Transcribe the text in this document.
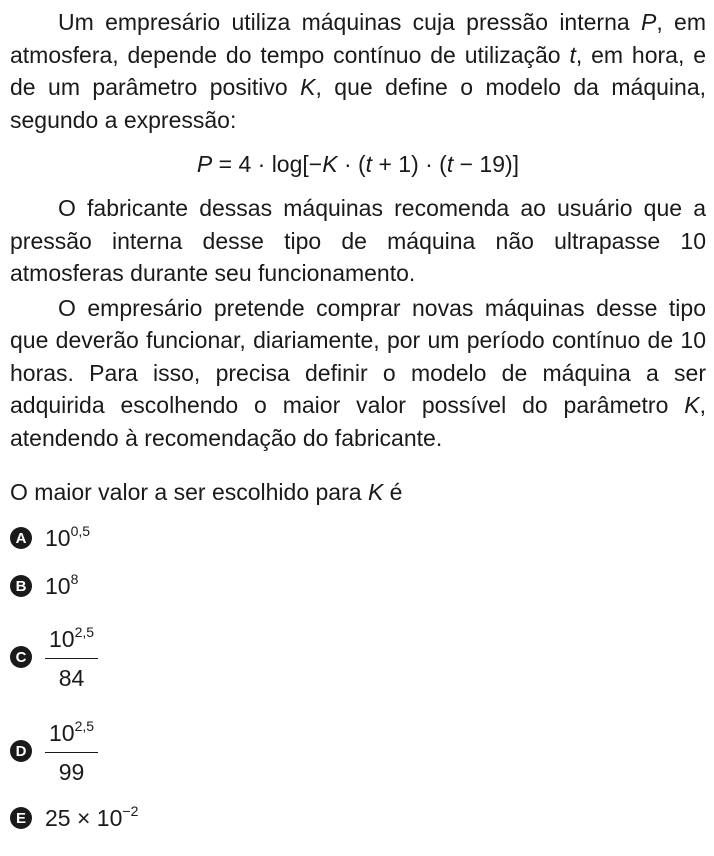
Um empresário utiliza máquinas cuja pressão interna P, em atmosfera, depende do tempo contínuo de utilização t, em hora, e de um parâmetro positivo K, que define o modelo da máquina, segundo a expressão:

P = 4 · log[−K · (t + 1) · (t − 19)]

O fabricante dessas máquinas recomenda ao usuário que a pressão interna desse tipo de máquina não ultrapasse 10 atmosferas durante seu funcionamento.

O empresário pretende comprar novas máquinas desse tipo que deverão funcionar, diariamente, por um período contínuo de 10 horas. Para isso, precisa definir o modelo de máquina a ser adquirida escolhendo o maior valor possível do parâmetro K, atendendo à recomendação do fabricante.

O maior valor a ser escolhido para K é

A 10$^{0,5}$
B $10^8$
C $\frac{10^{2,5}}{84}$
D $\frac{10^{2,5}}{99}$
E $25 \times 10^{-2}$
